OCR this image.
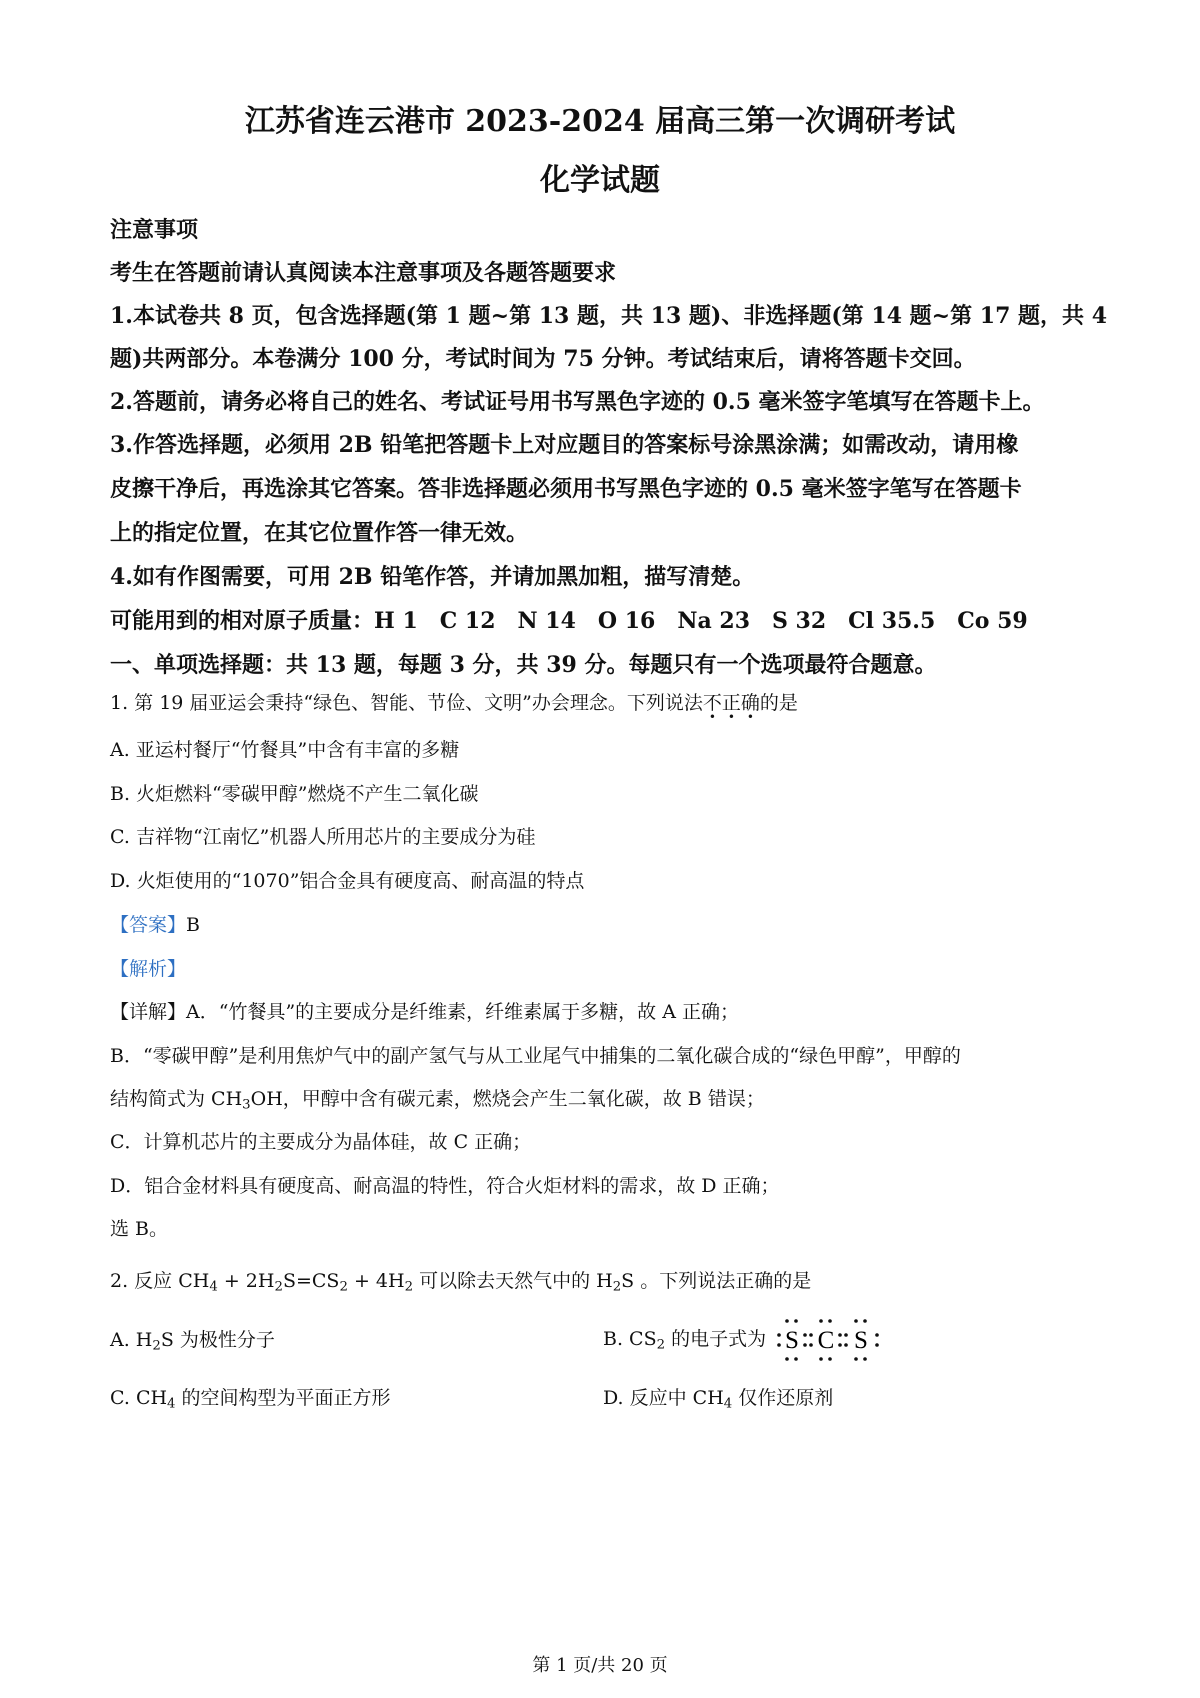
江苏省连云港市 2023-2024 届高三第一次调研考试
化学试题
注意事项
考生在答题前请认真阅读本注意事项及各题答题要求
1.本试卷共 8 页，包含选择题(第 1 题~第 13 题，共 13 题)、非选择题(第 14 题~第 17 题，共 4
题)共两部分。本卷满分 100 分，考试时间为 75 分钟。考试结束后，请将答题卡交回。
2.答题前，请务必将自己的姓名、考试证号用书写黑色字迹的 0.5 毫米签字笔填写在答题卡上。
3.作答选择题，必须用 2B 铅笔把答题卡上对应题目的答案标号涂黑涂满；如需改动，请用橡
皮擦干净后，再选涂其它答案。答非选择题必须用书写黑色字迹的 0.5 毫米签字笔写在答题卡
上的指定位置，在其它位置作答一律无效。
4.如有作图需要，可用 2B 铅笔作答，并请加黑加粗，描写清楚。
可能用到的相对原子质量：H 1　C 12　N 14　O 16　Na 23　S 32　Cl 35.5　Co 59
一、单项选择题：共 13 题，每题 3 分，共 39 分。每题只有一个选项最符合题意。
1. 第 19 届亚运会秉持“绿色、智能、节俭、文明”办会理念。下列说法不正确
• • •
的是
A. 亚运村餐厅“竹餐具”中含有丰富的多糖
B. 火炬燃料“零碳甲醇”燃烧不产生二氧化碳
C. 吉祥物“江南忆”机器人所用芯片的主要成分为硅
D. 火炬使用的“1070”铝合金具有硬度高、耐高温的特点
【答案】B
【解析】
【详解】A．“竹餐具”的主要成分是纤维素，纤维素属于多糖，故 A 正确；
B．“零碳甲醇”是利用焦炉气中的副产氢气与从工业尾气中捕集的二氧化碳合成的“绿色甲醇”，甲醇的
结构简式为 $CH_3OH$，甲醇中含有碳元素，燃烧会产生二氧化碳，故 B 错误；
C．计算机芯片的主要成分为晶体硅，故 C 正确；
D．铝合金材料具有硬度高、耐高温的特性，符合火炬材料的需求，故 D 正确；
选 B。
2. 反应 $CH_4 + 2H_2S=CS_2 + 4H_2$ 可以除去天然气中的 $H_2S$ 。下列说法正确的是
A. $H_2S$ 为极性分子	B. $CS_2$ 的电子式为 S C S
C. $CH_4$ 的空间构型为平面正方形	D. 反应中 $CH_4$ 仅作还原剂
第 1 页/共 20 页
